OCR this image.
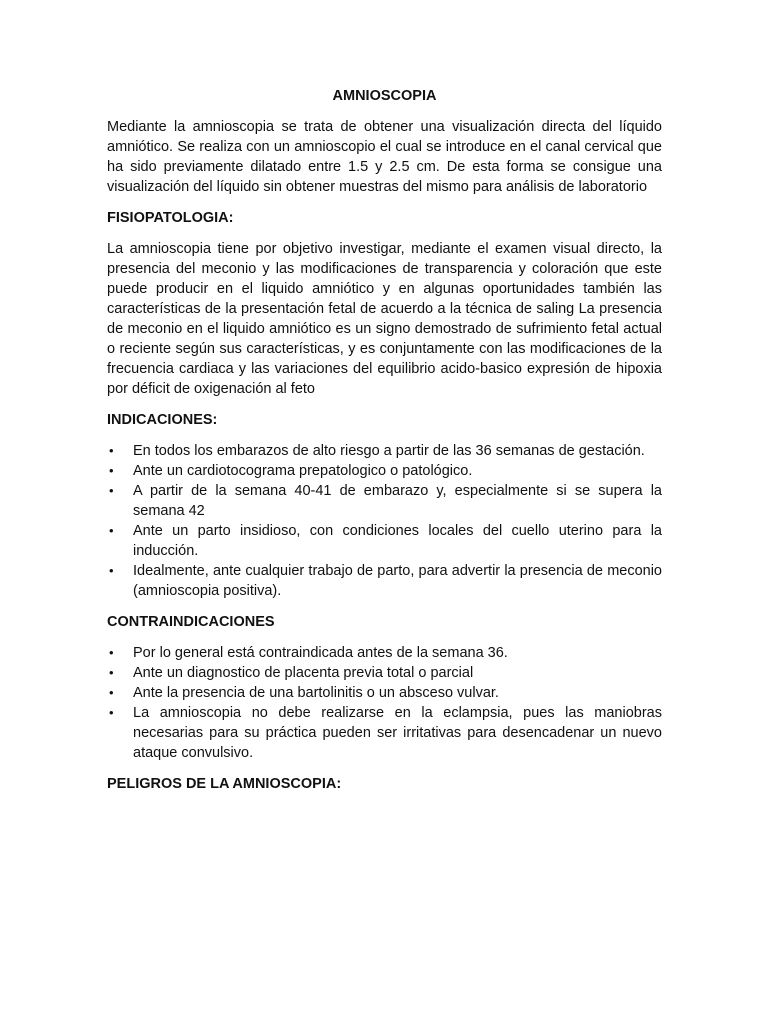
AMNIOSCOPIA

Mediante la amnioscopia se trata de obtener una visualización directa del líquido amniótico. Se realiza con un amnioscopio el cual se introduce en el canal cervical que ha sido previamente dilatado entre 1.5 y 2.5 cm. De esta forma se consigue una visualización del líquido sin obtener muestras del mismo para análisis de laboratorio

FISIOPATOLOGIA:

La amnioscopia tiene por objetivo investigar, mediante el examen visual directo, la presencia del meconio y las modificaciones de transparencia y coloración que este puede producir en el liquido amniótico y en algunas oportunidades también las características de la presentación fetal de acuerdo a la técnica de saling La presencia de meconio en el liquido amniótico es un signo demostrado de sufrimiento fetal actual o reciente según sus características, y es conjuntamente con las modificaciones de la frecuencia cardiaca y las variaciones del equilibrio acido-basico expresión de hipoxia por déficit de oxigenación al feto

INDICACIONES:
• En todos los embarazos de alto riesgo a partir de las 36 semanas de gestación.
• Ante un cardiotocograma prepatologico o patológico.
• A partir de la semana 40-41 de embarazo y, especialmente si se supera la semana 42
• Ante un parto insidioso, con condiciones locales del cuello uterino para la inducción.
• Idealmente, ante cualquier trabajo de parto, para advertir la presencia de meconio (amnioscopia positiva).
CONTRAINDICACIONES
• Por lo general está contraindicada antes de la semana 36.
• Ante un diagnostico de placenta previa total o parcial
• Ante la presencia de una bartolinitis o un absceso vulvar.
• La amnioscopia no debe realizarse en la eclampsia, pues las maniobras necesarias para su práctica pueden ser irritativas para desencadenar un nuevo ataque convulsivo.
PELIGROS DE LA AMNIOSCOPIA:
